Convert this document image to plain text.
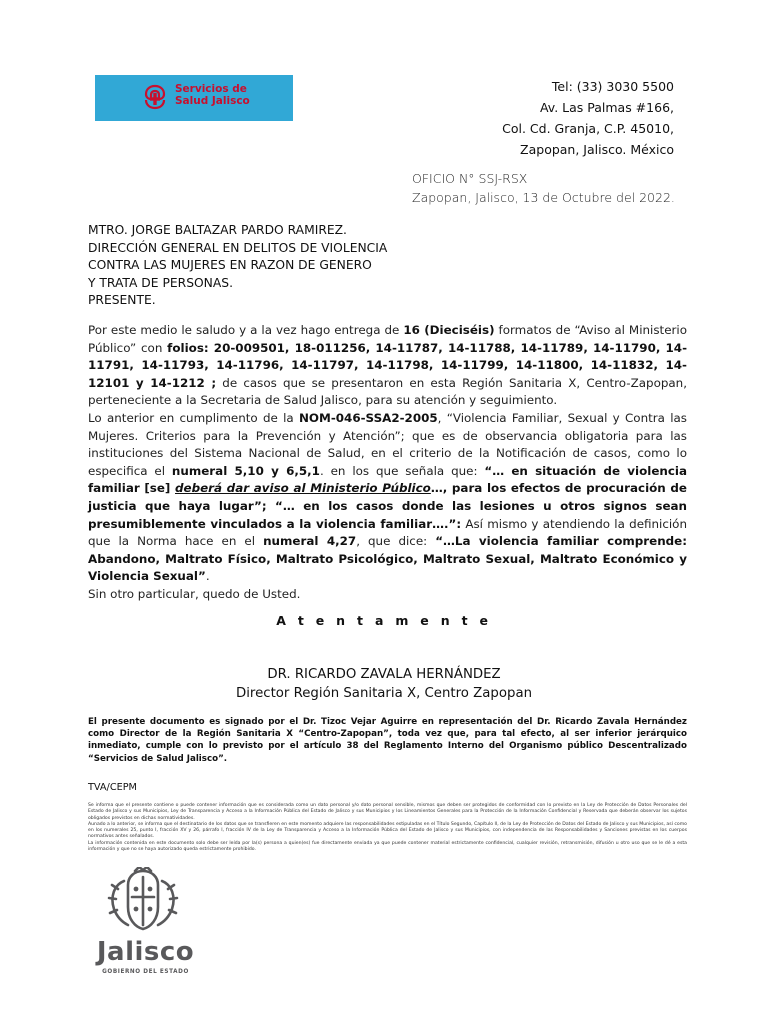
Servicios de
Salud Jalisco
Tel: (33) 3030 5500
Av. Las Palmas #166,
Col. Cd. Granja, C.P. 45010,
Zapopan, Jalisco. México
OFICIO N° SSJ-RSX
Zapopan, Jalisco, 13 de Octubre del 2022.
MTRO. JORGE BALTAZAR PARDO RAMIREZ.
DIRECCIÓN GENERAL EN DELITOS DE VIOLENCIA
CONTRA LAS MUJERES EN RAZON DE GENERO
Y TRATA DE PERSONAS.
PRESENTE.

Por este medio le saludo y a la vez hago entrega de 16 (Dieciséis) formatos de “Aviso al Ministerio Público” con folios: 20-009501, 18-011256, 14-11787, 14-11788, 14-11789, 14-11790, 14-11791, 14-11793, 14-11796, 14-11797, 14-11798, 14-11799, 14-11800, 14-11832, 14-12101 y 14-1212 ; de casos que se presentaron en esta Región Sanitaria X, Centro-Zapopan, perteneciente a la Secretaria de Salud Jalisco, para su atención y seguimiento.

Lo anterior en cumplimento de la NOM-046-SSA2-2005, “Violencia Familiar, Sexual y Contra las Mujeres. Criterios para la Prevención y Atención”; que es de observancia obligatoria para las instituciones del Sistema Nacional de Salud, en el criterio de la Notificación de casos, como lo especifica el numeral 5,10 y 6,5,1. en los que señala que: “… en situación de violencia familiar [se] deberá dar aviso al Ministerio Público…, para los efectos de procuración de justicia que haya lugar”; “… en los casos donde las lesiones u otros signos sean presumiblemente vinculados a la violencia familiar….”: Así mismo y atendiendo la definición que la Norma hace en el numeral 4,27, que dice: “…La violencia familiar comprende: Abandono, Maltrato Físico, Maltrato Psicológico, Maltrato Sexual, Maltrato Económico y Violencia Sexual”.

Sin otro particular, quedo de Usted.

A t e n t a m e n t e
DR. RICARDO ZAVALA HERNÁNDEZ
Director Región Sanitaria X, Centro Zapopan
El presente documento es signado por el Dr. Tizoc Vejar Aguirre en representación del Dr. Ricardo Zavala Hernández como Director de la Región Sanitaria X “Centro-Zapopan”, toda vez que, para tal efecto, al ser inferior jerárquico inmediato, cumple con lo previsto por el artículo 38 del Reglamento Interno del Organismo público Descentralizado “Servicios de Salud Jalisco”.
TVA/CEPM

Se informa que el presente contiene o puede contener información que es considerada como un dato personal y/o dato personal sensible, mismos que deben ser protegidos de conformidad con lo previsto en la Ley de Protección de Datos Personales del Estado de Jalisco y sus Municipios, Ley de Transparencia y Acceso a la Información Pública del Estado de Jalisco y sus Municipios y los Lineamientos Generales para la Protección de la Información Confidencial y Reservada que deberán observar los sujetos obligados previstos en dichas normatividades.

Aunado a lo anterior, se informa que el destinatario de los datos que se transfieren en este momento adquiere las responsabilidades estipuladas en el Título Segundo, Capítulo II, de la Ley de Protección de Datos del Estado de Jalisco y sus Municipios, así como en los numerales 25, punto I, fracción XV y 26, párrafo I, fracción IV de la Ley de Transparencia y Acceso a la Información Pública del Estado de Jalisco y sus Municipios, con independencia de las Responsabilidades y Sanciones previstas en los cuerpos normativos antes señalados.

La información contenida en este documento solo debe ser leída por la(s) persona a quien(es) fue directamente enviada ya que puede contener material estrictamente confidencial, cualquier revisión, retransmisión, difusión u otro uso que se le dé a esta información y que no se haya autorizado queda estrictamente prohibido.

Jalisco
GOBIERNO DEL ESTADO
